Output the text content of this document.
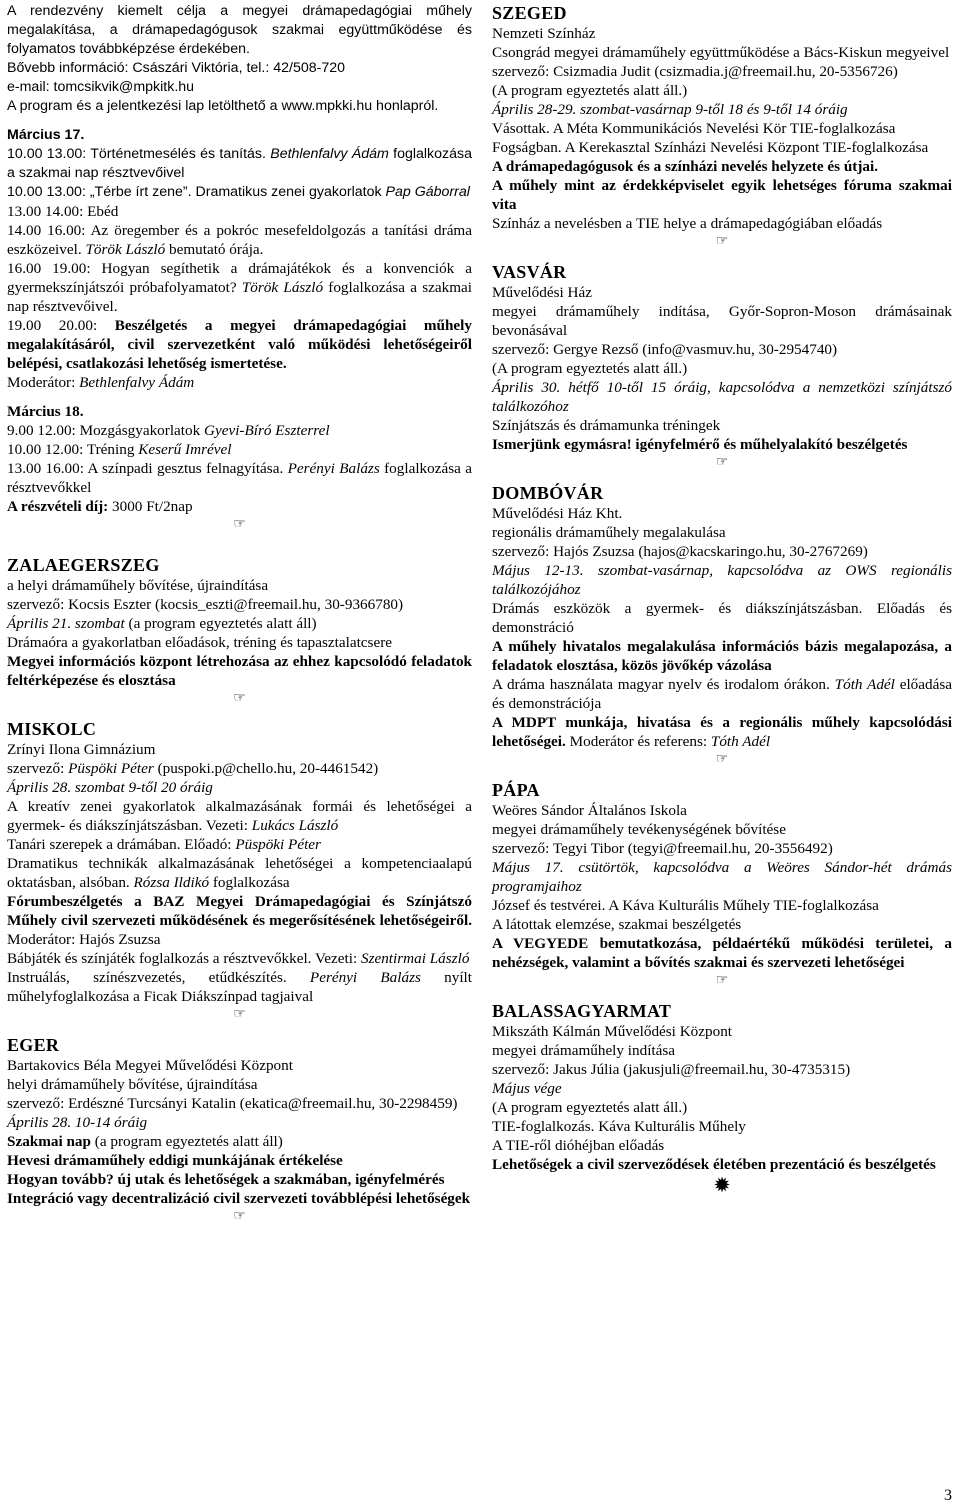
A rendezvény kiemelt célja a megyei drámapedagógiai műhely megalakítása, a drámapedagógusok szakmai együttműködése és folyamatos továbbképzése érdekében.

Bővebb információ: Császári Viktória, tel.: 42/508-720

e-mail: tomcsikvik@mpkitk.hu

A program és a jelentkezési lap letölthető a www.mpkki.hu honlapról.

Március 17.

10.00 13.00: Történetmesélés és tanítás. Bethlenfalvy Ádám foglalkozása a szakmai nap résztvevőivel

10.00 13.00: „Térbe írt zene”. Dramatikus zenei gyakorlatok Pap Gáborral

13.00 14.00: Ebéd

14.00 16.00: Az öregember és a pokróc mesefeldolgozás a tanítási dráma eszközeivel. Török László bemutató órája.

16.00 19.00: Hogyan segíthetik a drámajátékok és a konvenciók a gyermekszínjátszói próbafolyamatot? Török László foglalkozása a szakmai nap résztvevőivel.

19.00 20.00: Beszélgetés a megyei drámapedagógiai műhely megalakításáról, civil szervezetként való működési lehetőségeiről belépési, csatlakozási lehetőség ismertetése.

Moderátor: Bethlenfalvy Ádám

Március 18.

9.00 12.00: Mozgásgyakorlatok Gyevi-Bíró Eszterrel

10.00 12.00: Tréning Keserű Imrével

13.00 16.00: A színpadi gesztus felnagyítása. Perényi Balázs foglalkozása a résztvevőkkel

A részvételi díj: 3000 Ft/2nap

☞
ZALAEGERSZEG

a helyi drámaműhely bővítése, újraindítása

szervező: Kocsis Eszter (kocsis_eszti@freemail.hu, 30-9366780)

Április 21. szombat (a program egyeztetés alatt áll)

Drámaóra a gyakorlatban előadások, tréning és tapasztalatcsere

Megyei információs központ létrehozása az ehhez kapcsolódó feladatok feltérképezése és elosztása

☞
MISKOLC

Zrínyi Ilona Gimnázium

szervező: Püspöki Péter (puspoki.p@chello.hu, 20-4461542)

Április 28. szombat 9-től 20 óráig

A kreatív zenei gyakorlatok alkalmazásának formái és lehetőségei a gyermek- és diákszínjátszásban. Vezeti: Lukács László

Tanári szerepek a drámában. Előadó: Püspöki Péter

Dramatikus technikák alkalmazásának lehetőségei a kompetenciaalapú oktatásban, alsóban. Rózsa Ildikó foglalkozása

Fórumbeszélgetés a BAZ Megyei Drámapedagógiai és Színjátszó Műhely civil szervezeti működésének és megerősítésének lehetőségeiről. Moderátor: Hajós Zsuzsa

Bábjáték és színjáték foglalkozás a résztvevőkkel. Vezeti: Szentirmai László

Instruálás, színészvezetés, etűdkészítés. Perényi Balázs nyílt műhelyfoglalkozása a Ficak Diákszínpad tagjaival

☞
EGER

Bartakovics Béla Megyei Művelődési Központ

helyi drámaműhely bővítése, újraindítása

szervező: Erdészné Turcsányi Katalin (ekatica@freemail.hu, 30-2298459)

Április 28. 10-14 óráig

Szakmai nap (a program egyeztetés alatt áll)

Hevesi drámaműhely eddigi munkájának értékelése

Hogyan tovább? új utak és lehetőségek a szakmában, igényfelmérés

Integráció vagy decentralizáció civil szervezeti továbblépési lehetőségek

☞
SZEGED

Nemzeti Színház

Csongrád megyei drámaműhely együttműködése a Bács-Kiskun megyeivel

szervező: Csizmadia Judit (csizmadia.j@freemail.hu, 20-5356726)

(A program egyeztetés alatt áll.)

Április 28-29. szombat-vasárnap 9-től 18 és 9-től 14 óráig

Vásottak. A Méta Kommunikációs Nevelési Kör TIE-foglalkozása

Fogságban. A Kerekasztal Színházi Nevelési Központ TIE-foglalkozása

A drámapedagógusok és a színházi nevelés helyzete és útjai.

A műhely mint az érdekképviselet egyik lehetséges fóruma szakmai vita

Színház a nevelésben a TIE helye a drámapedagógiában előadás

☞
VASVÁR

Művelődési Ház

megyei drámaműhely indítása, Győr-Sopron-Moson drámásainak bevonásával

szervező: Gergye Rezső (info@vasmuv.hu, 30-2954740)

(A program egyeztetés alatt áll.)

Április 30. hétfő 10-től 15 óráig, kapcsolódva a nemzetközi színjátszó találkozóhoz

Színjátszás és drámamunka tréningek

Ismerjünk egymásra! igényfelmérő és műhelyalakító beszélgetés

☞
DOMBÓVÁR

Művelődési Ház Kht.

regionális drámaműhely megalakulása

szervező: Hajós Zsuzsa (hajos@kacskaringo.hu, 30-2767269)

Május 12-13. szombat-vasárnap, kapcsolódva az OWS regionális találkozójához

Drámás eszközök a gyermek- és diákszínjátszásban. Előadás és demonstráció

A műhely hivatalos megalakulása információs bázis megalapozása, a feladatok elosztása, közös jövőkép vázolása

A dráma használata magyar nyelv és irodalom órákon. Tóth Adél előadása és demonstrációja

A MDPT munkája, hivatása és a regionális műhely kapcsolódási lehetőségei. Moderátor és referens: Tóth Adél

☞
PÁPA

Weöres Sándor Általános Iskola

megyei drámaműhely tevékenységének bővítése

szervező: Tegyi Tibor (tegyi@freemail.hu, 20-3556492)

Május 17. csütörtök, kapcsolódva a Weöres Sándor-hét drámás programjaihoz

József és testvérei. A Káva Kulturális Műhely TIE-foglalkozása

A látottak elemzése, szakmai beszélgetés

A VEGYEDE bemutatkozása, példaértékű működési területei, a nehézségek, valamint a bővítés szakmai és szervezeti lehetőségei

☞
BALASSAGYARMAT

Mikszáth Kálmán Művelődési Központ

megyei drámaműhely indítása

szervező: Jakus Júlia (jakusjuli@freemail.hu, 30-4735315)

Május vége

(A program egyeztetés alatt áll.)

TIE-foglalkozás. Káva Kulturális Műhely

A TIE-ről dióhéjban előadás

Lehetőségek a civil szerveződések életében prezentáció és beszélgetés

✹
3
